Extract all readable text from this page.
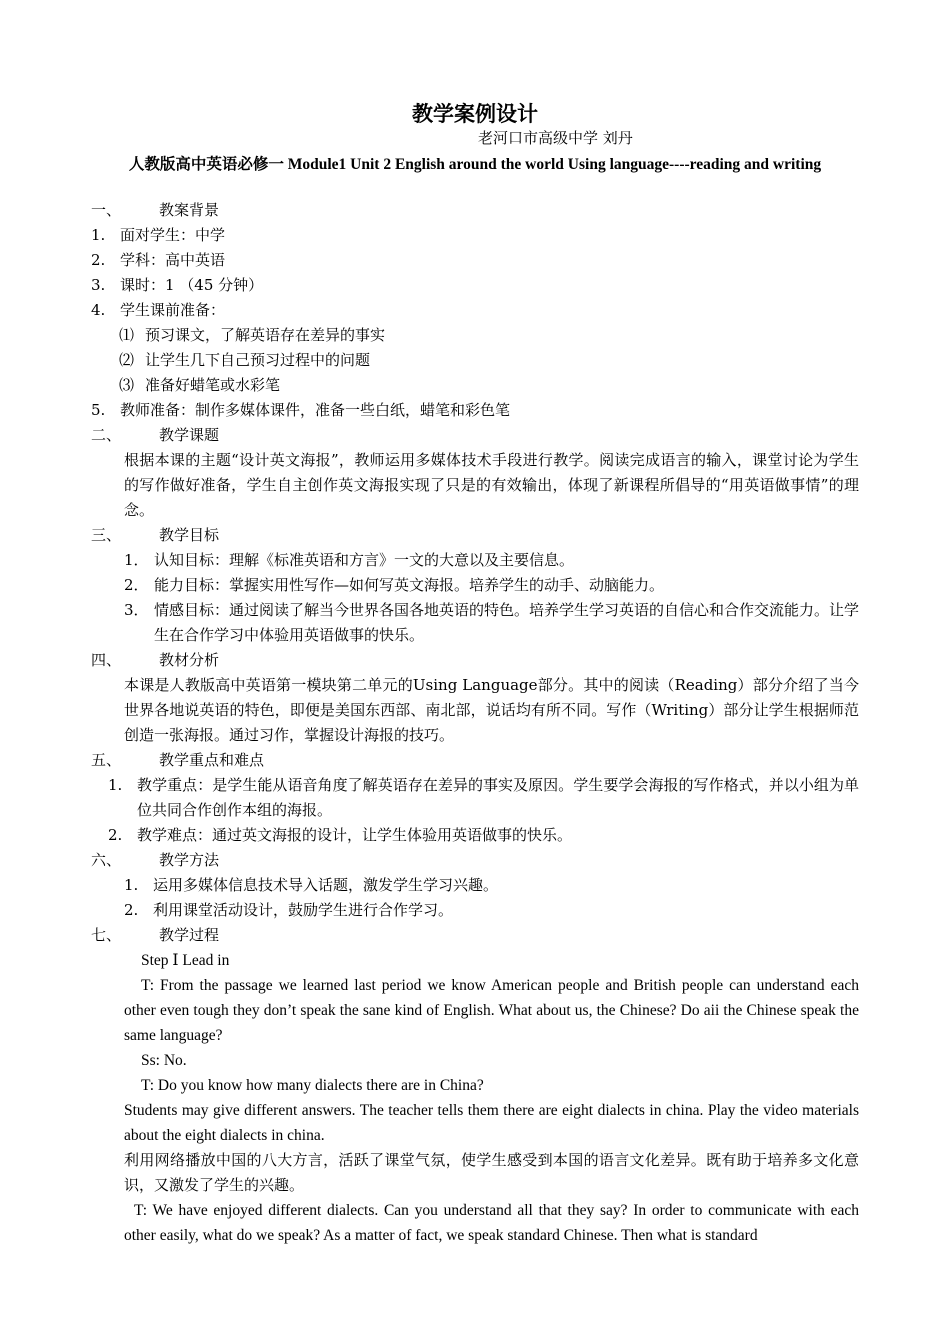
教学案例设计
老河口市高级中学 刘丹
人教版高中英语必修一 Module1 Unit 2 English around the world Using language----reading and writing
一、	教案背景
1. 面对学生：中学
2. 学科：高中英语
3. 课时：1 （45 分钟）
4. 学生课前准备：
⑴ 预习课文，了解英语存在差异的事实
⑵ 让学生几下自己预习过程中的问题
⑶ 准备好蜡笔或水彩笔
5. 教师准备：制作多媒体课件，准备一些白纸，蜡笔和彩色笔
二、	教学课题
根据本课的主题“设计英文海报”，教师运用多媒体技术手段进行教学。阅读完成语言的输入，课堂讨论为学生的写作做好准备，学生自主创作英文海报实现了只是的有效输出，体现了新课程所倡导的“用英语做事情”的理念。
三、	教学目标
1． 认知目标：理解《标准英语和方言》一文的大意以及主要信息。
2． 能力目标：掌握实用性写作—如何写英文海报。培养学生的动手、动脑能力。
3． 情感目标：通过阅读了解当今世界各国各地英语的特色。培养学生学习英语的自信心和合作交流能力。让学生在合作学习中体验用英语做事的快乐。
四、	教材分析
本课是人教版高中英语第一模块第二单元的Using Language部分。其中的阅读（Reading）部分介绍了当今世界各地说英语的特色，即便是美国东西部、南北部，说话均有所不同。写作（Writing）部分让学生根据师范创造一张海报。通过习作，掌握设计海报的技巧。
五、	教学重点和难点
1. 教学重点：是学生能从语音角度了解英语存在差异的事实及原因。学生要学会海报的写作格式，并以小组为单位共同合作创作本组的海报。
2. 教学难点：通过英文海报的设计，让学生体验用英语做事的快乐。
六、	教学方法
1. 运用多媒体信息技术导入话题，激发学生学习兴趣。
2. 利用课堂活动设计，鼓励学生进行合作学习。
七、	教学过程
Step Ⅰ Lead in
T: From the passage we learned last period we know American people and British people can understand each other even tough they don’t speak the sane kind of English. What about us, the Chinese? Do aii the Chinese speak the same language?
Ss: No.
T: Do you know how many dialects there are in China?
Students may give different answers. The teacher tells them there are eight dialects in china. Play the video materials about the eight dialects in china.
利用网络播放中国的八大方言，活跃了课堂气氛，使学生感受到本国的语言文化差异。既有助于培养多文化意识，又激发了学生的兴趣。
T: We have enjoyed different dialects. Can you understand all that they say? In order to communicate with each other easily, what do we speak? As a matter of fact, we speak standard Chinese. Then what is standard
